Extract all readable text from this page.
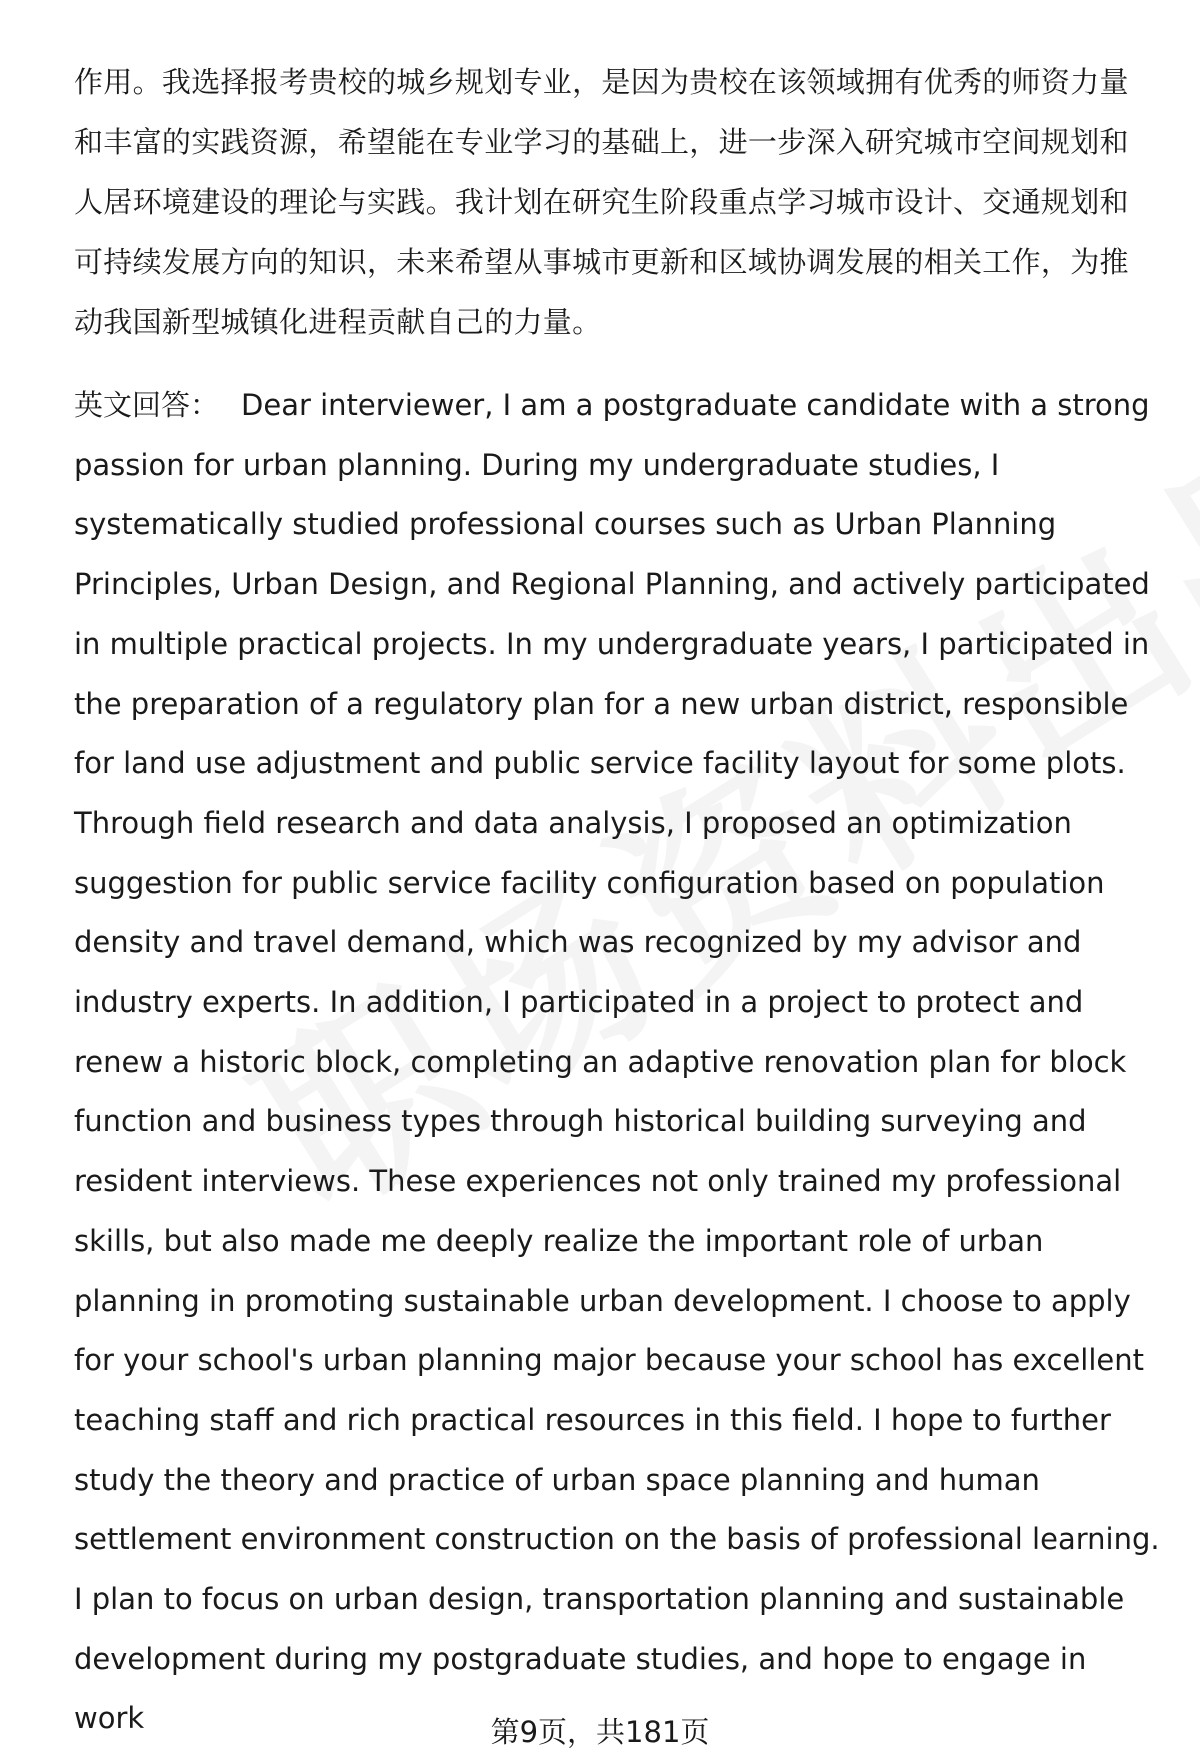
作用。我选择报考贵校的城乡规划专业，是因为贵校在该领域拥有优秀的师资力量和丰富的实践资源，希望能在专业学习的基础上，进一步深入研究城市空间规划和人居环境建设的理论与实践。我计划在研究生阶段重点学习城市设计、交通规划和可持续发展方向的知识，未来希望从事城市更新和区域协调发展的相关工作，为推动我国新型城镇化进程贡献自己的力量。
英文回答： Dear interviewer, I am a postgraduate candidate with a strong passion for urban planning. During my undergraduate studies, I systematically studied professional courses such as Urban Planning Principles, Urban Design, and Regional Planning, and actively participated in multiple practical projects. In my undergraduate years, I participated in the preparation of a regulatory plan for a new urban district, responsible for land use adjustment and public service facility layout for some plots. Through field research and data analysis, I proposed an optimization suggestion for public service facility configuration based on population density and travel demand, which was recognized by my advisor and industry experts. In addition, I participated in a project to protect and renew a historic block, completing an adaptive renovation plan for block function and business types through historical building surveying and resident interviews. These experiences not only trained my professional skills, but also made me deeply realize the important role of urban planning in promoting sustainable urban development. I choose to apply for your school's urban planning major because your school has excellent teaching staff and rich practical resources in this field. I hope to further study the theory and practice of urban space planning and human settlement environment construction on the basis of professional learning. I plan to focus on urban design, transportation planning and sustainable development during my postgraduate studies, and hope to engage in work	第9页，共181页
